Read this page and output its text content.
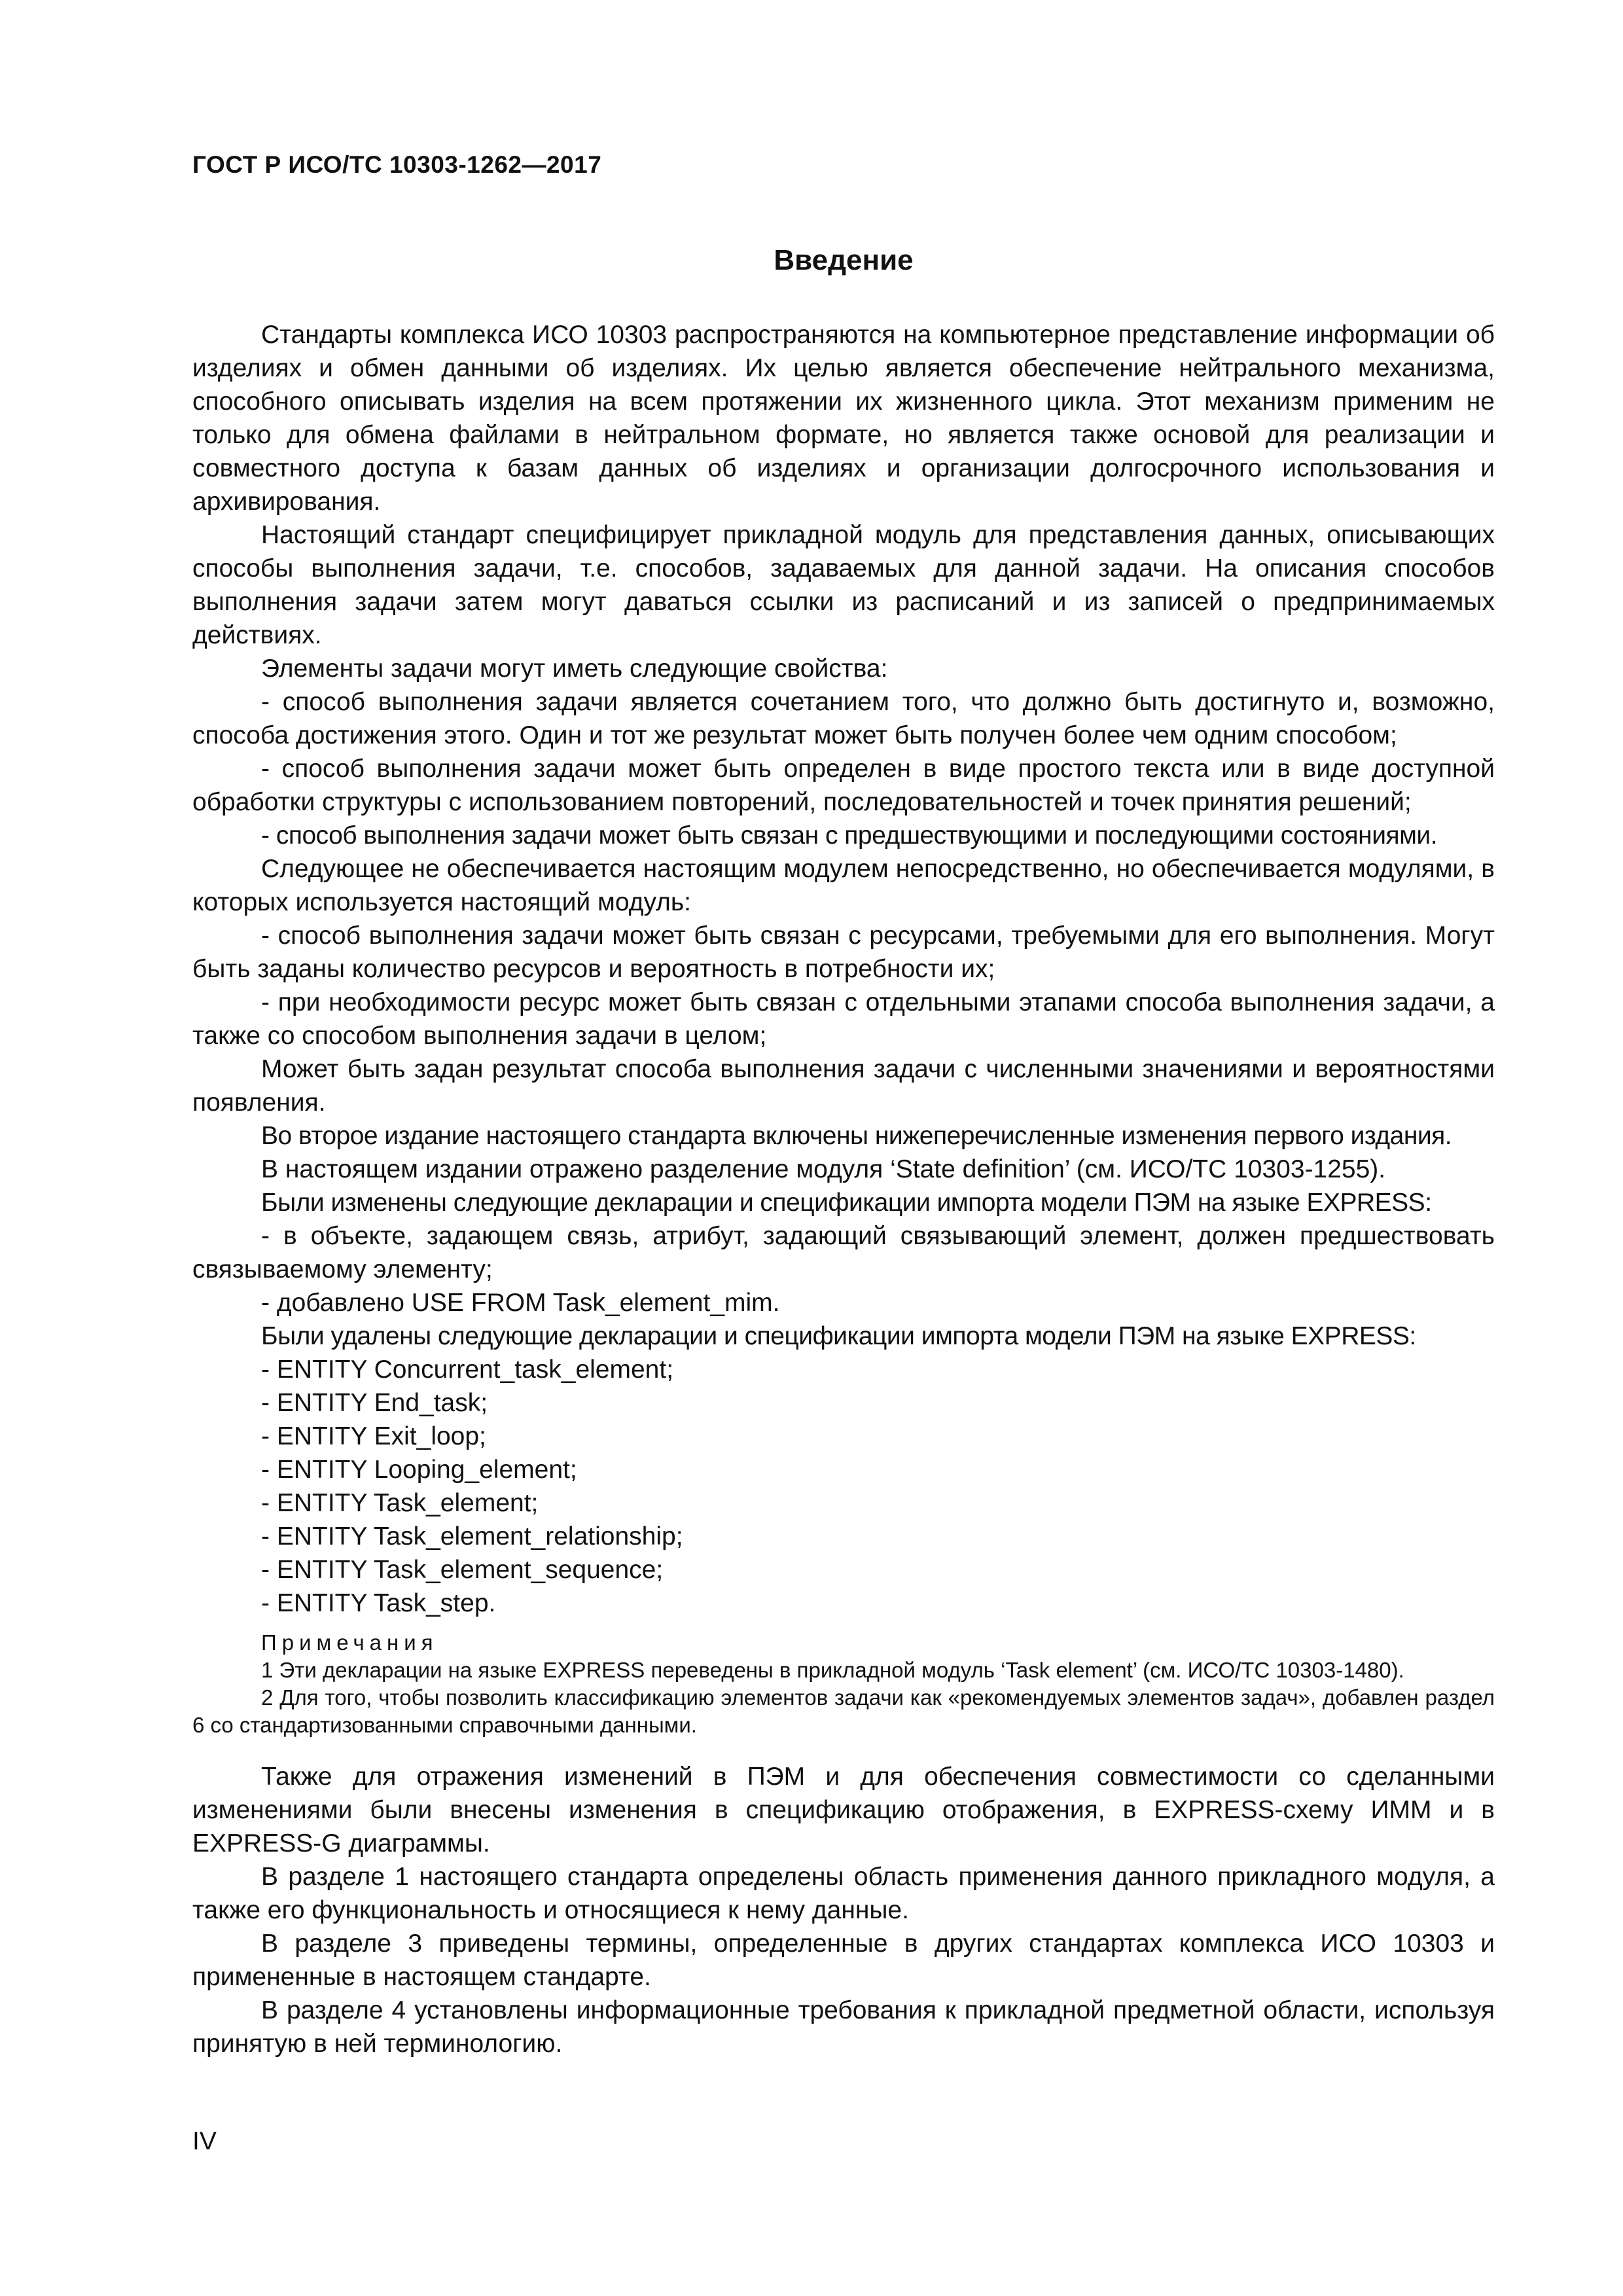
ГОСТ Р ИСО/ТС 10303-1262—2017

Введение

Стандарты комплекса ИСО 10303 распространяются на компьютерное представление информации об изделиях и обмен данными об изделиях. Их целью является обеспечение нейтрального механизма, способного описывать изделия на всем протяжении их жизненного цикла. Этот механизм применим не только для обмена файлами в нейтральном формате, но является также основой для реализации и совместного доступа к базам данных об изделиях и организации долгосрочного использования и архивирования.

Настоящий стандарт специфицирует прикладной модуль для представления данных, описывающих способы выполнения задачи, т.е. способов, задаваемых для данной задачи. На описания способов выполнения задачи затем могут даваться ссылки из расписаний и из записей о предпринимаемых действиях.

Элементы задачи могут иметь следующие свойства:

- способ выполнения задачи является сочетанием того, что должно быть достигнуто и, возможно, способа достижения этого. Один и тот же результат может быть получен более чем одним способом;

- способ выполнения задачи может быть определен в виде простого текста или в виде доступной обработки структуры с использованием повторений, последовательностей и точек принятия решений;

- способ выполнения задачи может быть связан с предшествующими и последующими состояниями.

Следующее не обеспечивается настоящим модулем непосредственно, но обеспечивается модулями, в которых используется настоящий модуль:

- способ выполнения задачи может быть связан с ресурсами, требуемыми для его выполнения. Могут быть заданы количество ресурсов и вероятность в потребности их;

- при необходимости ресурс может быть связан с отдельными этапами способа выполнения задачи, а также со способом выполнения задачи в целом;

Может быть задан результат способа выполнения задачи с численными значениями и вероятностями появления.

Во второе издание настоящего стандарта включены нижеперечисленные изменения первого издания.

В настоящем издании отражено разделение модуля ‘State definition’ (см. ИСО/ТС 10303-1255).

Были изменены следующие декларации и спецификации импорта модели ПЭМ на языке EXPRESS:

- в объекте, задающем связь, атрибут, задающий связывающий элемент, должен предшествовать связываемому элементу;

- добавлено USE FROM Task_element_mim.

Были удалены следующие декларации и спецификации импорта модели ПЭМ на языке EXPRESS:

- ENTITY Concurrent_task_element;

- ENTITY End_task;

- ENTITY Exit_loop;

- ENTITY Looping_element;

- ENTITY Task_element;

- ENTITY Task_element_relationship;

- ENTITY Task_element_sequence;

- ENTITY Task_step.

Примечания

1 Эти декларации на языке EXPRESS переведены в прикладной модуль ‘Task element’ (см. ИСО/ТС 10303-1480).

2 Для того, чтобы позволить классификацию элементов задачи как «рекомендуемых элементов задач», добавлен раздел 6 со стандартизованными справочными данными.

Также для отражения изменений в ПЭМ и для обеспечения совместимости со сделанными изменениями были внесены изменения в спецификацию отображения, в EXPRESS-схему ИММ и в EXPRESS-G диаграммы.

В разделе 1 настоящего стандарта определены область применения данного прикладного модуля, а также его функциональность и относящиеся к нему данные.

В разделе 3 приведены термины, определенные в других стандартах комплекса ИСО 10303 и примененные в настоящем стандарте.

В разделе 4 установлены информационные требования к прикладной предметной области, используя принятую в ней терминологию.

IV
